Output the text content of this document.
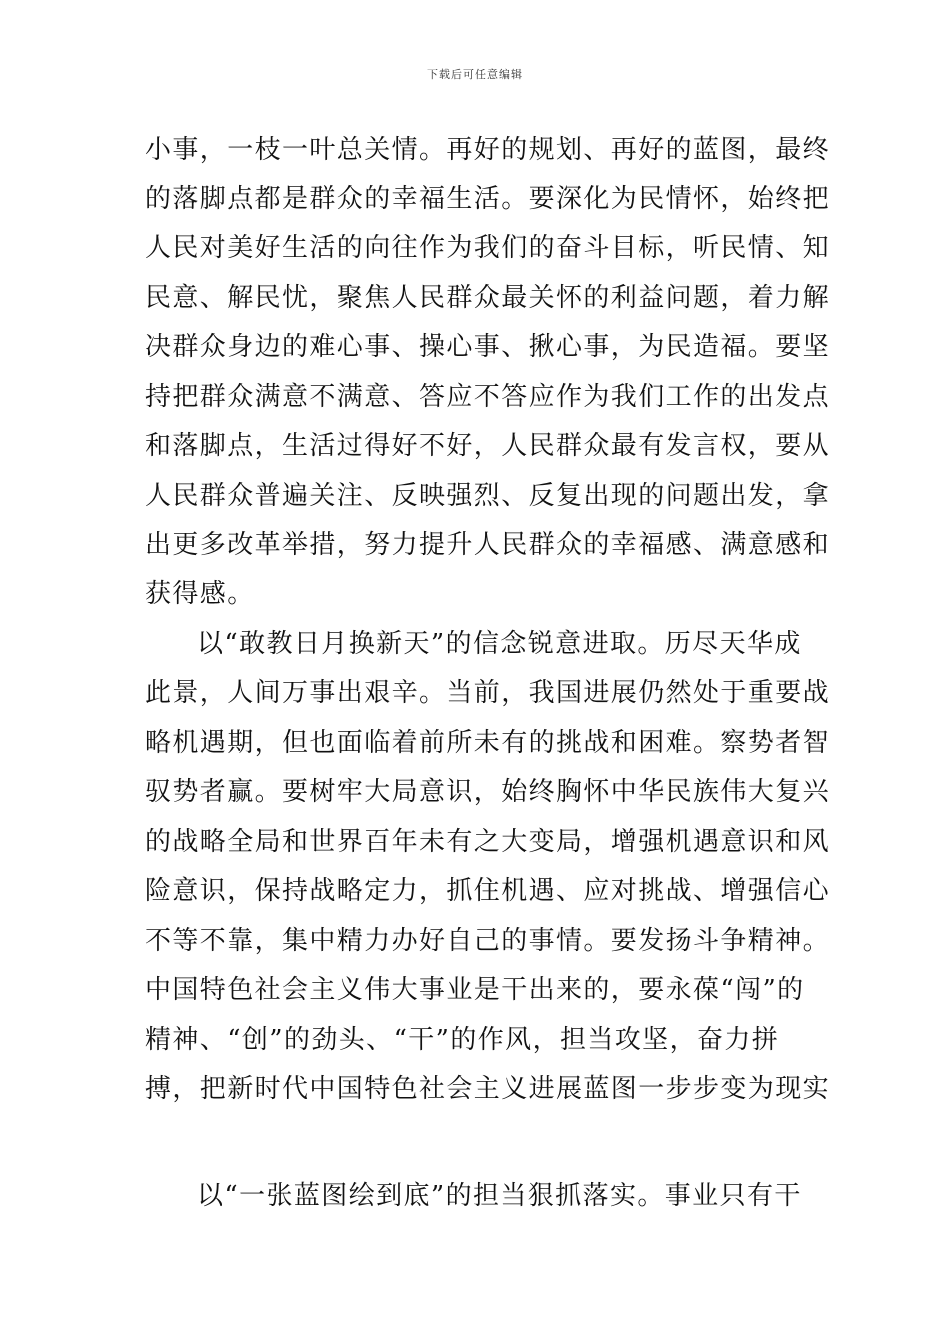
下载后可任意编辑
小事，一枝一叶总关情。再好的规划、再好的蓝图，最终
的落脚点都是群众的幸福生活。要深化为民情怀，始终把
人民对美好生活的向往作为我们的奋斗目标，听民情、知
民意、解民忧，聚焦人民群众最关怀的利益问题，着力解
决群众身边的难心事、操心事、揪心事，为民造福。要坚
持把群众满意不满意、答应不答应作为我们工作的出发点
和落脚点，生活过得好不好，人民群众最有发言权，要从
人民群众普遍关注、反映强烈、反复出现的问题出发，拿
出更多改革举措，努力提升人民群众的幸福感、满意感和
获得感。
以“敢教日月换新天”的信念锐意进取。历尽天华成
此景，人间万事出艰辛。当前，我国进展仍然处于重要战
略机遇期，但也面临着前所未有的挑战和困难。察势者智
驭势者赢。要树牢大局意识，始终胸怀中华民族伟大复兴
的战略全局和世界百年未有之大变局，增强机遇意识和风
险意识，保持战略定力，抓住机遇、应对挑战、增强信心
不等不靠，集中精力办好自己的事情。要发扬斗争精神。
中国特色社会主义伟大事业是干出来的，要永葆“闯”的
精神、“创”的劲头、“干”的作风，担当攻坚，奋力拼
搏，把新时代中国特色社会主义进展蓝图一步步变为现实
以“一张蓝图绘到底”的担当狠抓落实。事业只有干
